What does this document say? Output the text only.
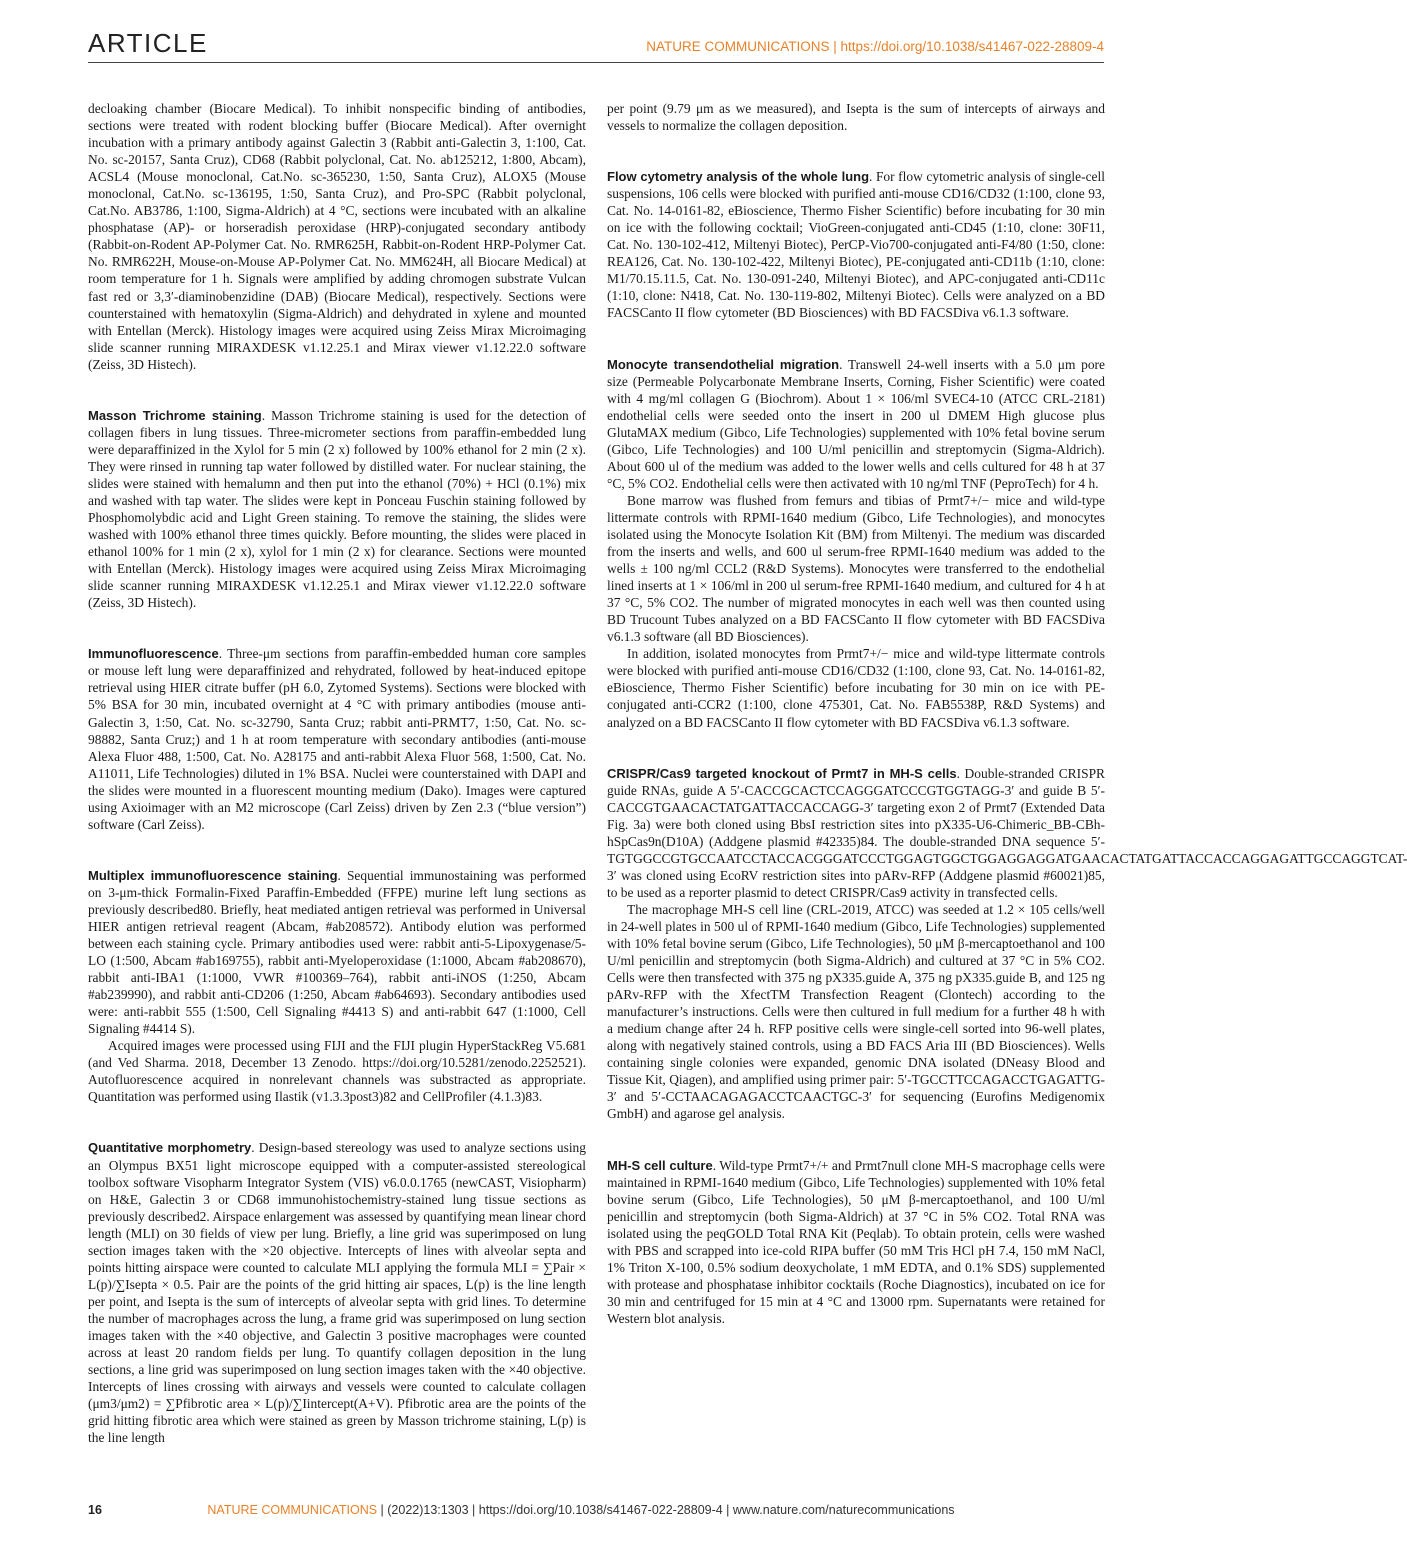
ARTICLE	NATURE COMMUNICATIONS | https://doi.org/10.1038/s41467-022-28809-4

decloaking chamber (Biocare Medical). To inhibit nonspecific binding of antibodies, sections were treated with rodent blocking buffer (Biocare Medical). After overnight incubation with a primary antibody against Galectin 3 (Rabbit anti-Galectin 3, 1:100, Cat. No. sc-20157, Santa Cruz), CD68 (Rabbit polyclonal, Cat. No. ab125212, 1:800, Abcam), ACSL4 (Mouse monoclonal, Cat.No. sc-365230, 1:50, Santa Cruz), ALOX5 (Mouse monoclonal, Cat.No. sc-136195, 1:50, Santa Cruz), and Pro-SPC (Rabbit polyclonal, Cat.No. AB3786, 1:100, Sigma-Aldrich) at 4 °C, sections were incubated with an alkaline phosphatase (AP)- or horseradish peroxidase (HRP)-conjugated secondary antibody (Rabbit-on-Rodent AP-Polymer Cat. No. RMR625H, Rabbit-on-Rodent HRP-Polymer Cat. No. RMR622H, Mouse-on-Mouse AP-Polymer Cat. No. MM624H, all Biocare Medical) at room temperature for 1 h. Signals were amplified by adding chromogen substrate Vulcan fast red or 3,3′-diaminobenzidine (DAB) (Biocare Medical), respectively. Sections were counterstained with hematoxylin (Sigma-Aldrich) and dehydrated in xylene and mounted with Entellan (Merck). Histology images were acquired using Zeiss Mirax Microimaging slide scanner running MIRAXDESK v1.12.25.1 and Mirax viewer v1.12.22.0 software (Zeiss, 3D Histech).

Masson Trichrome staining. Masson Trichrome staining is used for the detection of collagen fibers in lung tissues. Three-micrometer sections from paraffin-embedded lung were deparaffinized in the Xylol for 5 min (2 x) followed by 100% ethanol for 2 min (2 x). They were rinsed in running tap water followed by distilled water. For nuclear staining, the slides were stained with hemalumn and then put into the ethanol (70%) + HCl (0.1%) mix and washed with tap water. The slides were kept in Ponceau Fuschin staining followed by Phosphomolybdic acid and Light Green staining. To remove the staining, the slides were washed with 100% ethanol three times quickly. Before mounting, the slides were placed in ethanol 100% for 1 min (2 x), xylol for 1 min (2 x) for clearance. Sections were mounted with Entellan (Merck). Histology images were acquired using Zeiss Mirax Microimaging slide scanner running MIRAXDESK v1.12.25.1 and Mirax viewer v1.12.22.0 software (Zeiss, 3D Histech).

Immunofluorescence. Three-μm sections from paraffin-embedded human core samples or mouse left lung were deparaffinized and rehydrated, followed by heat-induced epitope retrieval using HIER citrate buffer (pH 6.0, Zytomed Systems). Sections were blocked with 5% BSA for 30 min, incubated overnight at 4 °C with primary antibodies (mouse anti-Galectin 3, 1:50, Cat. No. sc-32790, Santa Cruz; rabbit anti-PRMT7, 1:50, Cat. No. sc-98882, Santa Cruz;) and 1 h at room temperature with secondary antibodies (anti-mouse Alexa Fluor 488, 1:500, Cat. No. A28175 and anti-rabbit Alexa Fluor 568, 1:500, Cat. No. A11011, Life Technologies) diluted in 1% BSA. Nuclei were counterstained with DAPI and the slides were mounted in a fluorescent mounting medium (Dako). Images were captured using Axioimager with an M2 microscope (Carl Zeiss) driven by Zen 2.3 (“blue version”) software (Carl Zeiss).

Multiplex immunofluorescence staining. Sequential immunostaining was performed on 3-μm-thick Formalin-Fixed Paraffin-Embedded (FFPE) murine left lung sections as previously described80. Briefly, heat mediated antigen retrieval was performed in Universal HIER antigen retrieval reagent (Abcam, #ab208572). Antibody elution was performed between each staining cycle. Primary antibodies used were: rabbit anti-5-Lipoxygenase/5-LO (1:500, Abcam #ab169755), rabbit anti-Myeloperoxidase (1:1000, Abcam #ab208670), rabbit anti-IBA1 (1:1000, VWR #100369–764), rabbit anti-iNOS (1:250, Abcam #ab239990), and rabbit anti-CD206 (1:250, Abcam #ab64693). Secondary antibodies used were: anti-rabbit 555 (1:500, Cell Signaling #4413 S) and anti-rabbit 647 (1:1000, Cell Signaling #4414 S).

Acquired images were processed using FIJI and the FIJI plugin HyperStackReg V5.681 (and Ved Sharma. 2018, December 13 Zenodo. https://doi.org/10.5281/zenodo.2252521). Autofluorescence acquired in nonrelevant channels was substracted as appropriate. Quantitation was performed using Ilastik (v1.3.3post3)82 and CellProfiler (4.1.3)83.

Quantitative morphometry. Design-based stereology was used to analyze sections using an Olympus BX51 light microscope equipped with a computer-assisted stereological toolbox software Visopharm Integrator System (VIS) v6.0.0.1765 (newCAST, Visiopharm) on H&E, Galectin 3 or CD68 immunohistochemistry-stained lung tissue sections as previously described2. Airspace enlargement was assessed by quantifying mean linear chord length (MLI) on 30 fields of view per lung. Briefly, a line grid was superimposed on lung section images taken with the ×20 objective. Intercepts of lines with alveolar septa and points hitting airspace were counted to calculate MLI applying the formula MLI = ∑Pair × L(p)/∑Isepta × 0.5. Pair are the points of the grid hitting air spaces, L(p) is the line length per point, and Isepta is the sum of intercepts of alveolar septa with grid lines. To determine the number of macrophages across the lung, a frame grid was superimposed on lung section images taken with the ×40 objective, and Galectin 3 positive macrophages were counted across at least 20 random fields per lung. To quantify collagen deposition in the lung sections, a line grid was superimposed on lung section images taken with the ×40 objective. Intercepts of lines crossing with airways and vessels were counted to calculate collagen (μm3/μm2) = ∑Pfibrotic area × L(p)/∑Iintercept(A+V). Pfibrotic area are the points of the grid hitting fibrotic area which were stained as green by Masson trichrome staining, L(p) is the line length

per point (9.79 μm as we measured), and Isepta is the sum of intercepts of airways and vessels to normalize the collagen deposition.

Flow cytometry analysis of the whole lung. For flow cytometric analysis of single-cell suspensions, 106 cells were blocked with purified anti-mouse CD16/CD32 (1:100, clone 93, Cat. No. 14-0161-82, eBioscience, Thermo Fisher Scientific) before incubating for 30 min on ice with the following cocktail; VioGreen-conjugated anti-CD45 (1:10, clone: 30F11, Cat. No. 130-102-412, Miltenyi Biotec), PerCP-Vio700-conjugated anti-F4/80 (1:50, clone: REA126, Cat. No. 130-102-422, Miltenyi Biotec), PE-conjugated anti-CD11b (1:10, clone: M1/70.15.11.5, Cat. No. 130-091-240, Miltenyi Biotec), and APC-conjugated anti-CD11c (1:10, clone: N418, Cat. No. 130-119-802, Miltenyi Biotec). Cells were analyzed on a BD FACSCanto II flow cytometer (BD Biosciences) with BD FACSDiva v6.1.3 software.

Monocyte transendothelial migration. Transwell 24-well inserts with a 5.0 μm pore size (Permeable Polycarbonate Membrane Inserts, Corning, Fisher Scientific) were coated with 4 mg/ml collagen G (Biochrom). About 1 × 106/ml SVEC4-10 (ATCC CRL-2181) endothelial cells were seeded onto the insert in 200 ul DMEM High glucose plus GlutaMAX medium (Gibco, Life Technologies) supplemented with 10% fetal bovine serum (Gibco, Life Technologies) and 100 U/ml penicillin and streptomycin (Sigma-Aldrich). About 600 ul of the medium was added to the lower wells and cells cultured for 48 h at 37 °C, 5% CO2. Endothelial cells were then activated with 10 ng/ml TNF (PeproTech) for 4 h.

Bone marrow was flushed from femurs and tibias of Prmt7+/− mice and wild-type littermate controls with RPMI-1640 medium (Gibco, Life Technologies), and monocytes isolated using the Monocyte Isolation Kit (BM) from Miltenyi. The medium was discarded from the inserts and wells, and 600 ul serum-free RPMI-1640 medium was added to the wells ± 100 ng/ml CCL2 (R&D Systems). Monocytes were transferred to the endothelial lined inserts at 1 × 106/ml in 200 ul serum-free RPMI-1640 medium, and cultured for 4 h at 37 °C, 5% CO2. The number of migrated monocytes in each well was then counted using BD Trucount Tubes analyzed on a BD FACSCanto II flow cytometer with BD FACSDiva v6.1.3 software (all BD Biosciences).

In addition, isolated monocytes from Prmt7+/− mice and wild-type littermate controls were blocked with purified anti-mouse CD16/CD32 (1:100, clone 93, Cat. No. 14-0161-82, eBioscience, Thermo Fisher Scientific) before incubating for 30 min on ice with PE-conjugated anti-CCR2 (1:100, clone 475301, Cat. No. FAB5538P, R&D Systems) and analyzed on a BD FACSCanto II flow cytometer with BD FACSDiva v6.1.3 software.

CRISPR/Cas9 targeted knockout of Prmt7 in MH-S cells. Double-stranded CRISPR guide RNAs, guide A 5′-CACCGCACTCCAGGGATCCCGTGGTAGG-3′ and guide B 5′-CACCGTGAACACTATGATTACCACCAGG-3′ targeting exon 2 of Prmt7 (Extended Data Fig. 3a) were both cloned using BbsI restriction sites into pX335-U6-Chimeric_BB-CBh-hSpCas9n(D10A) (Addgene plasmid #42335)84. The double-stranded DNA sequence 5′-TGTGGCCGTGCCAATCCTACCACGGGATCCCTGGAGTGGCTGGAGGAGGATGAACACTATGATTACCACCAGGAGATTGCCAGGTCAT-3′ was cloned using EcoRV restriction sites into pARv-RFP (Addgene plasmid #60021)85, to be used as a reporter plasmid to detect CRISPR/Cas9 activity in transfected cells.

The macrophage MH-S cell line (CRL-2019, ATCC) was seeded at 1.2 × 105 cells/well in 24-well plates in 500 ul of RPMI-1640 medium (Gibco, Life Technologies) supplemented with 10% fetal bovine serum (Gibco, Life Technologies), 50 μM β-mercaptoethanol and 100 U/ml penicillin and streptomycin (both Sigma-Aldrich) and cultured at 37 °C in 5% CO2. Cells were then transfected with 375 ng pX335.guide A, 375 ng pX335.guide B, and 125 ng pARv-RFP with the XfectTM Transfection Reagent (Clontech) according to the manufacturer’s instructions. Cells were then cultured in full medium for a further 48 h with a medium change after 24 h. RFP positive cells were single-cell sorted into 96-well plates, along with negatively stained controls, using a BD FACS Aria III (BD Biosciences). Wells containing single colonies were expanded, genomic DNA isolated (DNeasy Blood and Tissue Kit, Qiagen), and amplified using primer pair: 5′-TGCCTTCCAGACCTGAGATTG-3′ and 5′-CCTAACAGAGACCTCAACTGC-3′ for sequencing (Eurofins Medigenomix GmbH) and agarose gel analysis.

MH-S cell culture. Wild-type Prmt7+/+ and Prmt7null clone MH-S macrophage cells were maintained in RPMI-1640 medium (Gibco, Life Technologies) supplemented with 10% fetal bovine serum (Gibco, Life Technologies), 50 μM β-mercaptoethanol, and 100 U/ml penicillin and streptomycin (both Sigma-Aldrich) at 37 °C in 5% CO2. Total RNA was isolated using the peqGOLD Total RNA Kit (Peqlab). To obtain protein, cells were washed with PBS and scrapped into ice-cold RIPA buffer (50 mM Tris HCl pH 7.4, 150 mM NaCl, 1% Triton X-100, 0.5% sodium deoxycholate, 1 mM EDTA, and 0.1% SDS) supplemented with protease and phosphatase inhibitor cocktails (Roche Diagnostics), incubated on ice for 30 min and centrifuged for 15 min at 4 °C and 13000 rpm. Supernatants were retained for Western blot analysis.

16	NATURE COMMUNICATIONS | (2022)13:1303 | https://doi.org/10.1038/s41467-022-28809-4 | www.nature.com/naturecommunications
